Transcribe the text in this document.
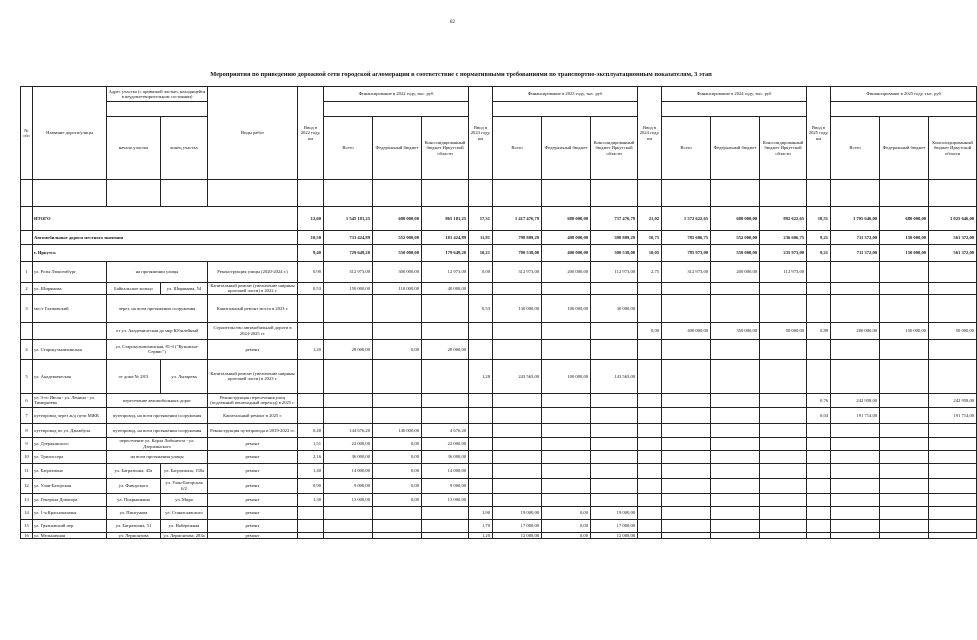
82
Мероприятия по приведению дорожной сети городской агломерации в соответствие с нормативными требованиями по транспортно-эксплуатационным показателям, 3 этап
№ п/п	Название дороги/улицы	Адрес участка (с привязкой частью, находящейся в неудовлетворительном состоянии)		Виды работ	Ввод в 2022 году, км	Финансирование в 2022 году, тыс. руб			Ввод в 2023 году, км	Финансирование в 2023 году, тыс. руб			Ввод в 2024 году, км	Финансирование в 2024 году, тыс. руб			Ввод в 2025 году, км	Финансирование в 2025 году, тыс. руб		

		начало участка	конец участка			Всего	Федеральный бюджет	Консолидированный бюджет Иркутской области		Всего	Федеральный бюджет	Консолидированный бюджет Иркутской области		Всего	Федеральный бюджет	Консолидированный бюджет Иркутской области		Всего	Федеральный бюджет	Консолидированный бюджет Иркутской области

	ИТОГО				12,60	1 545 181,25	680 000,00	865 181,25	17,31	1 417 476,79	680 000,00	737 476,79	21,02	1 572 622,65	680 000,00	892 622,65	18,51	1 705 646,00	680 000,00	1 025 646,00
	Автомобильные дороги местного значения				10,50	733 424,89	552 000,00	181 424,89	11,81	798 809,29	408 000,00	390 809,29	10,75	785 606,75	552 000,00	236 606,75	9,21	711 372,00	150 000,00	561 372,00
	г. Иркутск				9,40	729 649,20	550 000,00	179 649,20	10,21	700 538,00	400 000,00	300 538,00	10,05	785 973,00	550 000,00	235 973,00	9,21	711 372,00	150 000,00	561 372,00
1	ул. Розы Люксембург	на протяжении улицы		Реконструкция улицы (2020-2024 г.)	0,90	312 973,00	300 000,00	12 973,00	0,00	312 973,00	200 000,00	112 973,00	2,75	312 973,00	200 000,00	112 973,00				
2	ул. Ширямова	Байкальское кольцо	ул. Ширямова, 54	Капитальный ремонт (увеличение ширины проезжей части) в 2022 г.	0,53	150 000,00	110 000,00	40 000,00												
3	мост Глазковский	через, на всем протяжении сооружения		Капитальный ремонт моста в 2023 г.					0,53	130 000,00	100 000,00	30 000,00								
		от ул. Академическая до мкр Юбилейный		Строительство автомобильной дороги в 2024-2025 гг.									0,00	400 000,00	350 000,00	50 000,00	0,89	200 000,00	150 000,00	50 000,00
4	ул. Старокузьмихинская	ул. Старокузьмихинская, 81-б ("Кузьмиха-Сервис")		ремонт	1,20	28 000,00	0,00	28 000,00												
5	ул. Академическая	от дома № 28/3	ул. Лызарева	Капитальный ремонт (увеличение ширины проезжей части) в 2023 г.					1,28	243 565,00	100 000,00	143 565,00								
6	ул. 3-го Июля - ул. Ленина - ул. Тимирязева	пересечение автомобильных дорог		Реконструкция пересечения улиц (подземный пешеходный переход) в 2025 г.													0,76	242 958,00		242 958,00
7	путепровод через ж/д пути МЖК	путепровод, на всем протяжении сооружения		Капитальный ремонт в 2025 г.													0,04	191 714,00		191 714,00
8	путепровод по ул. Джамбула	путепровод, на всем протяжении сооружения		Реконструкция путепровода в 2019-2022 гг.	0,40	144 676,20	140 000,00	4 676,20												
9	ул. Дзержинского	пересечение ул. Карла Либкнехта - ул. Дзержинского		ремонт	1,51	22 000,00	0,00	22 000,00												
10	ул. Трилиссера	на всем протяжении улицы		ремонт	2,16	36 000,00	0,00	36 000,00												
11	ул. Багратиона	ул. Багратиона, 45а	ул. Багратиона, 158а	ремонт	1,40	14 000,00	0,00	14 000,00												
12	ул. Улан-Баторская	ул. Фаворского	ул. Улан-Баторская 6/2	ремонт	0,90	9 000,00	0,00	9 000,00												
13	ул. Генерала Доватора	ул. Покрышкина	ул. Мира	ремонт	1,30	13 000,00	0,00	13 000,00												
14	ул. 1-я Красноказачья	ул. Пискунова	ул. Станиславского	ремонт					1,90	19 000,00	0,00	19 000,00								
15	ул. Грязновский пер	ул. Багратиона, 51	ул. Набережная	ремонт					1,70	17 000,00	0,00	17 000,00								
16	ул. Мельничная	ул. Лермонтова	ул. Лермонтова, 283а	ремонт					1,20	12 000,00	0,00	12 000,00								
